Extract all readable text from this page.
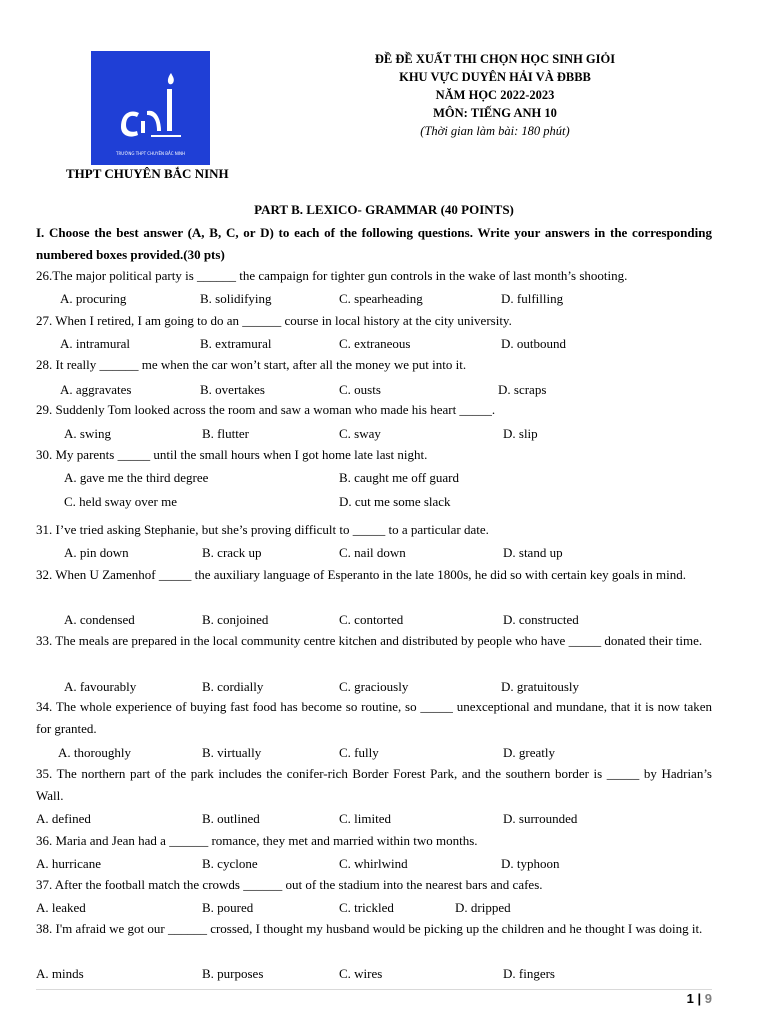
TRƯỜNG THPT CHUYÊN BẮC NINH
THPT CHUYÊN BẮC NINH
ĐỀ ĐỀ XUẤT THI CHỌN HỌC SINH GIỎI
KHU VỰC DUYÊN HẢI VÀ ĐBBB
NĂM HỌC 2022-2023
MÔN: TIẾNG ANH 10
(Thời gian làm bài: 180 phút)
PART B. LEXICO- GRAMMAR (40 POINTS)
I. Choose the best answer (A, B, C, or D) to each of the following questions. Write your answers in the corresponding numbered boxes provided.(30 pts)
26.The major political party is ______ the campaign for tighter gun controls in the wake of last month’s shooting.
A. procuring	B. solidifying	C. spearheading	D. fulfilling
27. When I retired, I am going to do an ______ course in local history at the city university.
A. intramural	B. extramural	C. extraneous	D. outbound
28. It really ______ me when the car won’t start, after all the money we put into it.
A. aggravates	B. overtakes	C. ousts	D. scraps
29. Suddenly Tom looked across the room and saw a woman who made his heart _____.
A. swing	B. flutter	C. sway	D. slip
30. My parents _____ until the small hours when I got home late last night.
A. gave me the third degree	B. caught me off guard
C. held sway over me	D. cut me some slack
31. I’ve tried asking Stephanie, but she’s proving difficult to _____ to a particular date.
A. pin down	B. crack up	C. nail down	D. stand up
32. When U Zamenhof _____ the auxiliary language of Esperanto in the late 1800s, he did so with certain key goals in mind.
A. condensed	B. conjoined	C. contorted	D. constructed
33. The meals are prepared in the local community centre kitchen and distributed by people who have _____ donated their time.
A. favourably	B. cordially	C. graciously	D. gratuitously
34. The whole experience of buying fast food has become so routine, so _____ unexceptional and mundane, that it is now taken for granted.
A. thoroughly	B. virtually	C. fully	D. greatly
35. The northern part of the park includes the conifer-rich Border Forest Park, and the southern border is _____ by Hadrian’s Wall.
A. defined	B. outlined	C. limited	D. surrounded
36. Maria and Jean had a ______ romance, they met and married within two months.
A. hurricane	B. cyclone	C. whirlwind	D. typhoon
37. After the football match the crowds ______ out of the stadium into the nearest bars and cafes.
A. leaked	B. poured	C. trickled	D. dripped
38. I'm afraid we got our ______ crossed, I thought my husband would be picking up the children and he thought I was doing it.
A. minds	B. purposes	C. wires	D. fingers
1 | 9
